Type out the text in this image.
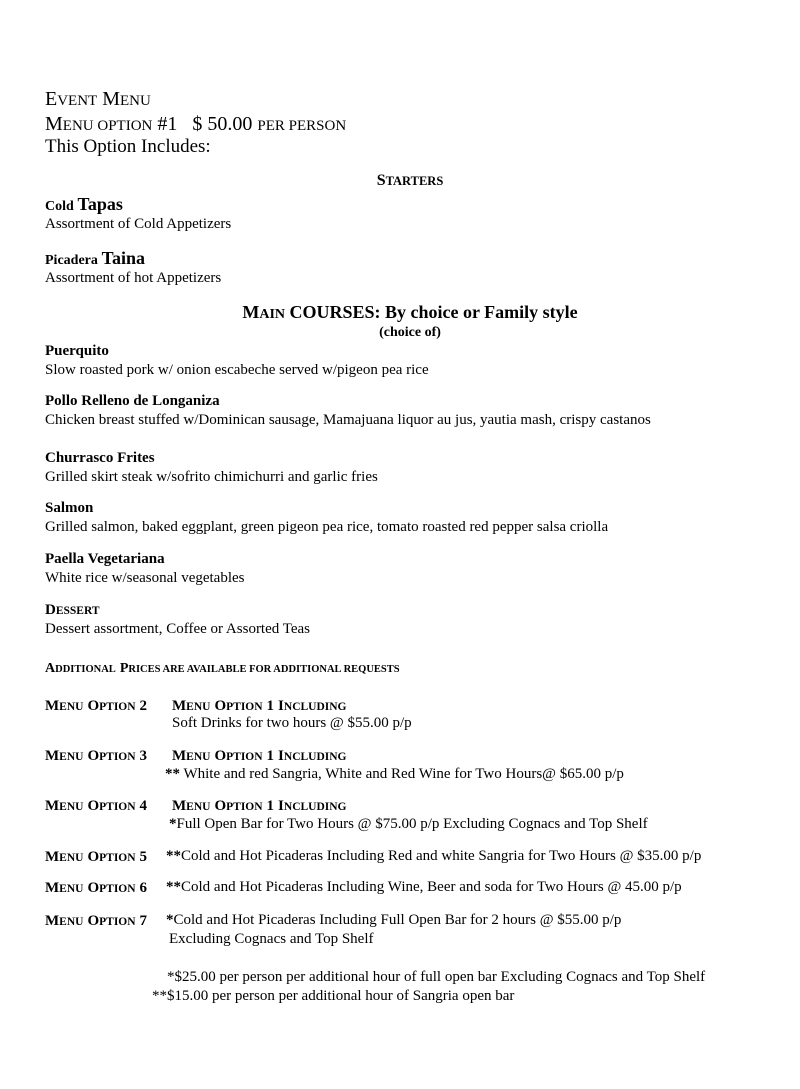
EVENT MENU
MENU OPTION #1 $ 50.00 PER PERSON
This Option Includes:
STARTERS
Cold Tapas
Assortment of Cold Appetizers
Picadera Taina
Assortment of hot Appetizers
MAIN COURSES: By choice or Family style
(choice of)
Puerquito
Slow roasted pork w/ onion escabeche served w/pigeon pea rice
Pollo Relleno de Longaniza
Chicken breast stuffed w/Dominican sausage, Mamajuana liquor au jus, yautia mash, crispy castanos
Churrasco Frites
Grilled skirt steak w/sofrito chimichurri and garlic fries
Salmon
Grilled salmon, baked eggplant, green pigeon pea rice, tomato roasted red pepper salsa criolla
Paella Vegetariana
White rice w/seasonal vegetables
DESSERT
Dessert assortment, Coffee or Assorted Teas
ADDITIONAL PRICES ARE AVAILABLE FOR ADDITIONAL REQUESTS
MENU OPTION 2 MENU OPTION 1 INCLUDING
Soft Drinks for two hours @ $55.00 p/p
MENU OPTION 3 MENU OPTION 1 INCLUDING
** White and red Sangria, White and Red Wine for Two Hours@ $65.00 p/p
MENU OPTION 4 MENU OPTION 1 INCLUDING
*Full Open Bar for Two Hours @ $75.00 p/p Excluding Cognacs and Top Shelf
MENU OPTION 5 **Cold and Hot Picaderas Including Red and white Sangria for Two Hours @ $35.00 p/p
MENU OPTION 6 **Cold and Hot Picaderas Including Wine, Beer and soda for Two Hours @ 45.00 p/p
MENU OPTION 7 *Cold and Hot Picaderas Including Full Open Bar for 2 hours @ $55.00 p/p
Excluding Cognacs and Top Shelf
*$25.00 per person per additional hour of full open bar Excluding Cognacs and Top Shelf
**$15.00 per person per additional hour of Sangria open bar
